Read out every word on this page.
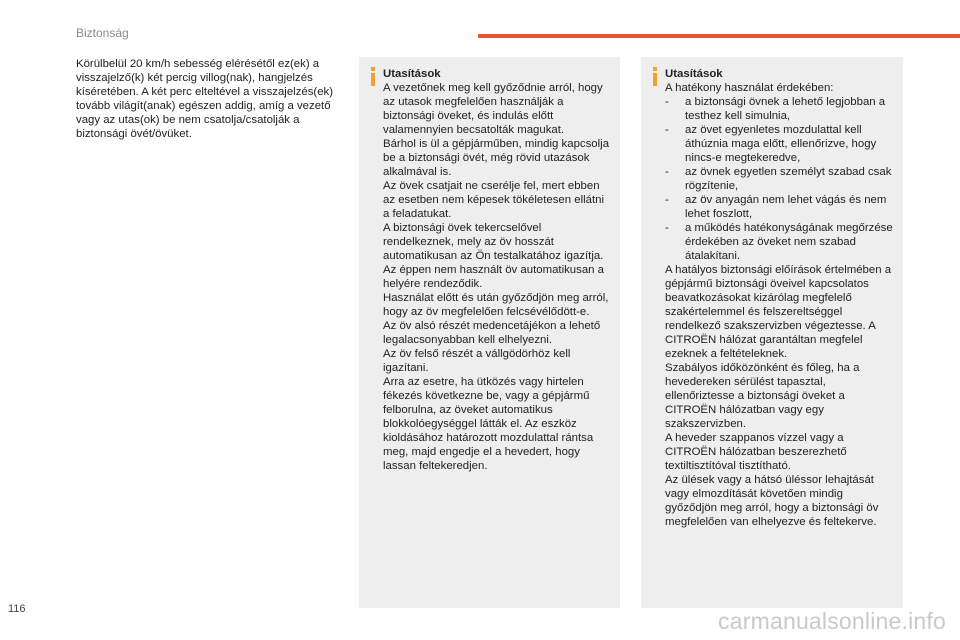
Biztonság

Körülbelül 20 km/h sebesség elérésétől ez(ek) a visszajelző(k) két percig villog(nak), hangjelzés kíséretében. A két perc elteltével a visszajelzés(ek) tovább világít(anak) egészen addig, amíg a vezető vagy az utas(ok) be nem csatolja/csatolják a biztonsági övét/övüket.

Utasítások

A vezetőnek meg kell győződnie arról, hogy az utasok megfelelően használják a biztonsági öveket, és indulás előtt valamennyien becsatolták magukat.

Bárhol is ül a gépjárműben, mindig kapcsolja be a biztonsági övét, még rövid utazások alkalmával is.

Az övek csatjait ne cserélje fel, mert ebben az esetben nem képesek tökéletesen ellátni a feladatukat.

A biztonsági övek tekercselővel rendelkeznek, mely az öv hosszát automatikusan az Ön testalkatához igazítja. Az éppen nem használt öv automatikusan a helyére rendeződik.

Használat előtt és után győződjön meg arról, hogy az öv megfelelően felcsévélődött-e.

Az öv alsó részét medencetájékon a lehető legalacsonyabban kell elhelyezni.

Az öv felső részét a vállgödörhöz kell igazítani.

Arra az esetre, ha ütközés vagy hirtelen fékezés következne be, vagy a gépjármű felborulna, az öveket automatikus blokkolóegységgel látták el. Az eszköz kioldásához határozott mozdulattal rántsa meg, majd engedje el a hevedert, hogy lassan feltekeredjen.

Utasítások

A hatékony használat érdekében:

- a biztonsági övnek a lehető legjobban a testhez kell simulnia,
- az övet egyenletes mozdulattal kell áthúznia maga előtt, ellenőrizve, hogy nincs-e megtekeredve,
- az övnek egyetlen személyt szabad csak rögzítenie,
- az öv anyagán nem lehet vágás és nem lehet foszlott,
- a működés hatékonyságának megőrzése érdekében az öveket nem szabad átalakítani.

A hatályos biztonsági előírások értelmében a gépjármű biztonsági öveivel kapcsolatos beavatkozásokat kizárólag megfelelő szakértelemmel és felszereltséggel rendelkező szakszervizben végeztesse. A CITROËN hálózat garantáltan megfelel ezeknek a feltételeknek.

Szabályos időközönként és főleg, ha a hevedereken sérülést tapasztal, ellenőriztesse a biztonsági öveket a CITROËN hálózatban vagy egy szakszervizben.

A heveder szappanos vízzel vagy a CITROËN hálózatban beszerezhető textiltisztítóval tisztítható.

Az ülések vagy a hátsó üléssor lehajtását vagy elmozdítását követően mindig győződjön meg arról, hogy a biztonsági öv megfelelően van elhelyezve és feltekerve.

116	carmanualsonline.info
